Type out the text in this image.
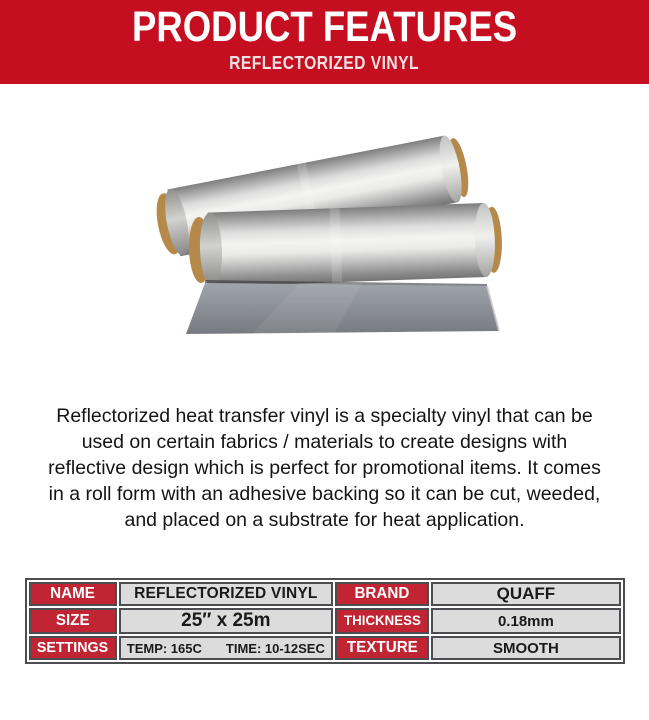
PRODUCT FEATURES
REFLECTORIZED VINYL
Reflectorized heat transfer vinyl is a specialty vinyl that can be
used on certain fabrics / materials to create designs with
reflective design which is perfect for promotional items. It comes
in a roll form with an adhesive backing so it can be cut, weeded,
and placed on a substrate for heat application.
NAME	REFLECTORIZED VINYL	BRAND	QUAFF
SIZE	25″ x 25m	THICKNESS	0.18mm
SETTINGS	TEMP: 165C TIME: 10-12SEC	TEXTURE	SMOOTH
